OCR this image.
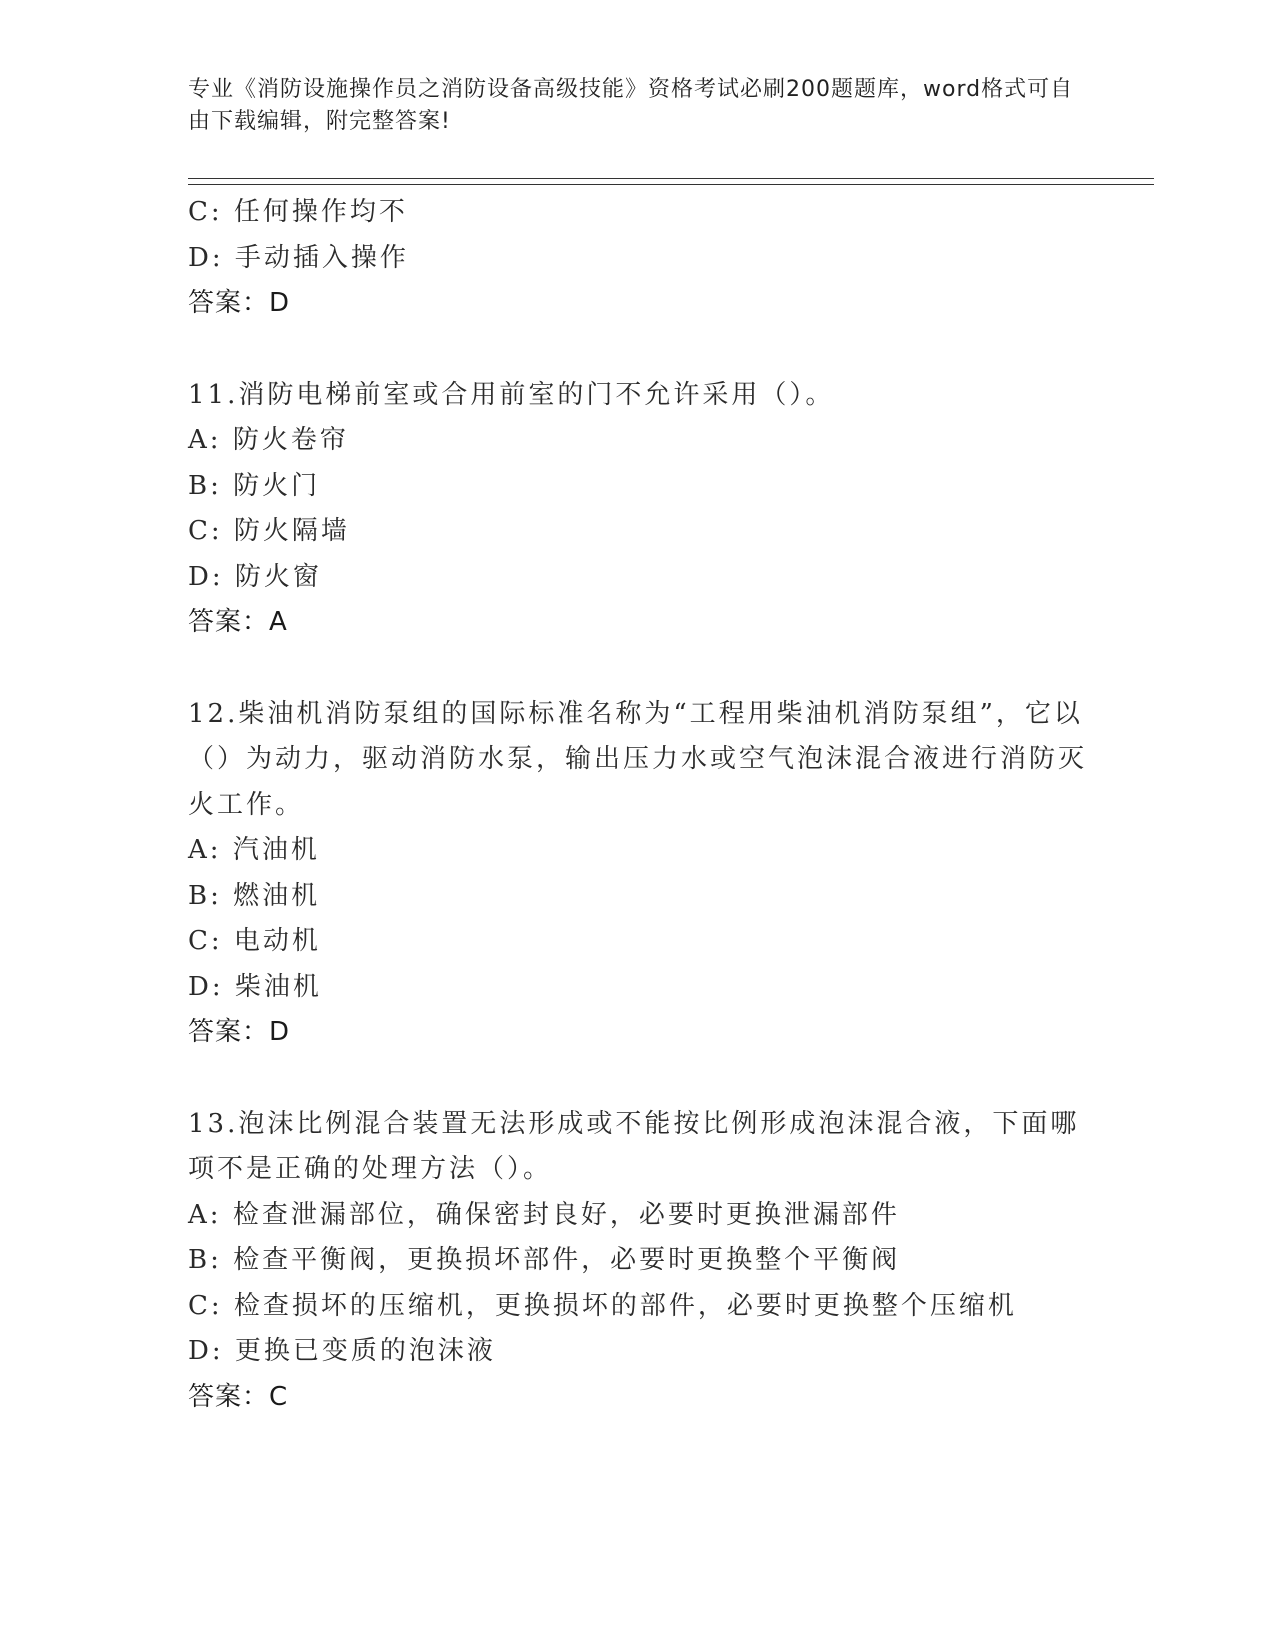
专业《消防设施操作员之消防设备高级技能》资格考试必刷200题题库，word格式可自由下载编辑，附完整答案!
C: 任何操作均不
D: 手动插入操作
答案：D
11.消防电梯前室或合用前室的门不允许采用（）。
A: 防火卷帘
B: 防火门
C: 防火隔墙
D: 防火窗
答案：A
12.柴油机消防泵组的国际标准名称为“工程用柴油机消防泵组”，它以（）为动力，驱动消防水泵，输出压力水或空气泡沫混合液进行消防灭火工作。
A: 汽油机
B: 燃油机
C: 电动机
D: 柴油机
答案：D
13.泡沫比例混合装置无法形成或不能按比例形成泡沫混合液，下面哪项不是正确的处理方法（）。
A: 检查泄漏部位，确保密封良好，必要时更换泄漏部件
B: 检查平衡阀，更换损坏部件，必要时更换整个平衡阀
C: 检查损坏的压缩机，更换损坏的部件，必要时更换整个压缩机
D: 更换已变质的泡沫液
答案：C
